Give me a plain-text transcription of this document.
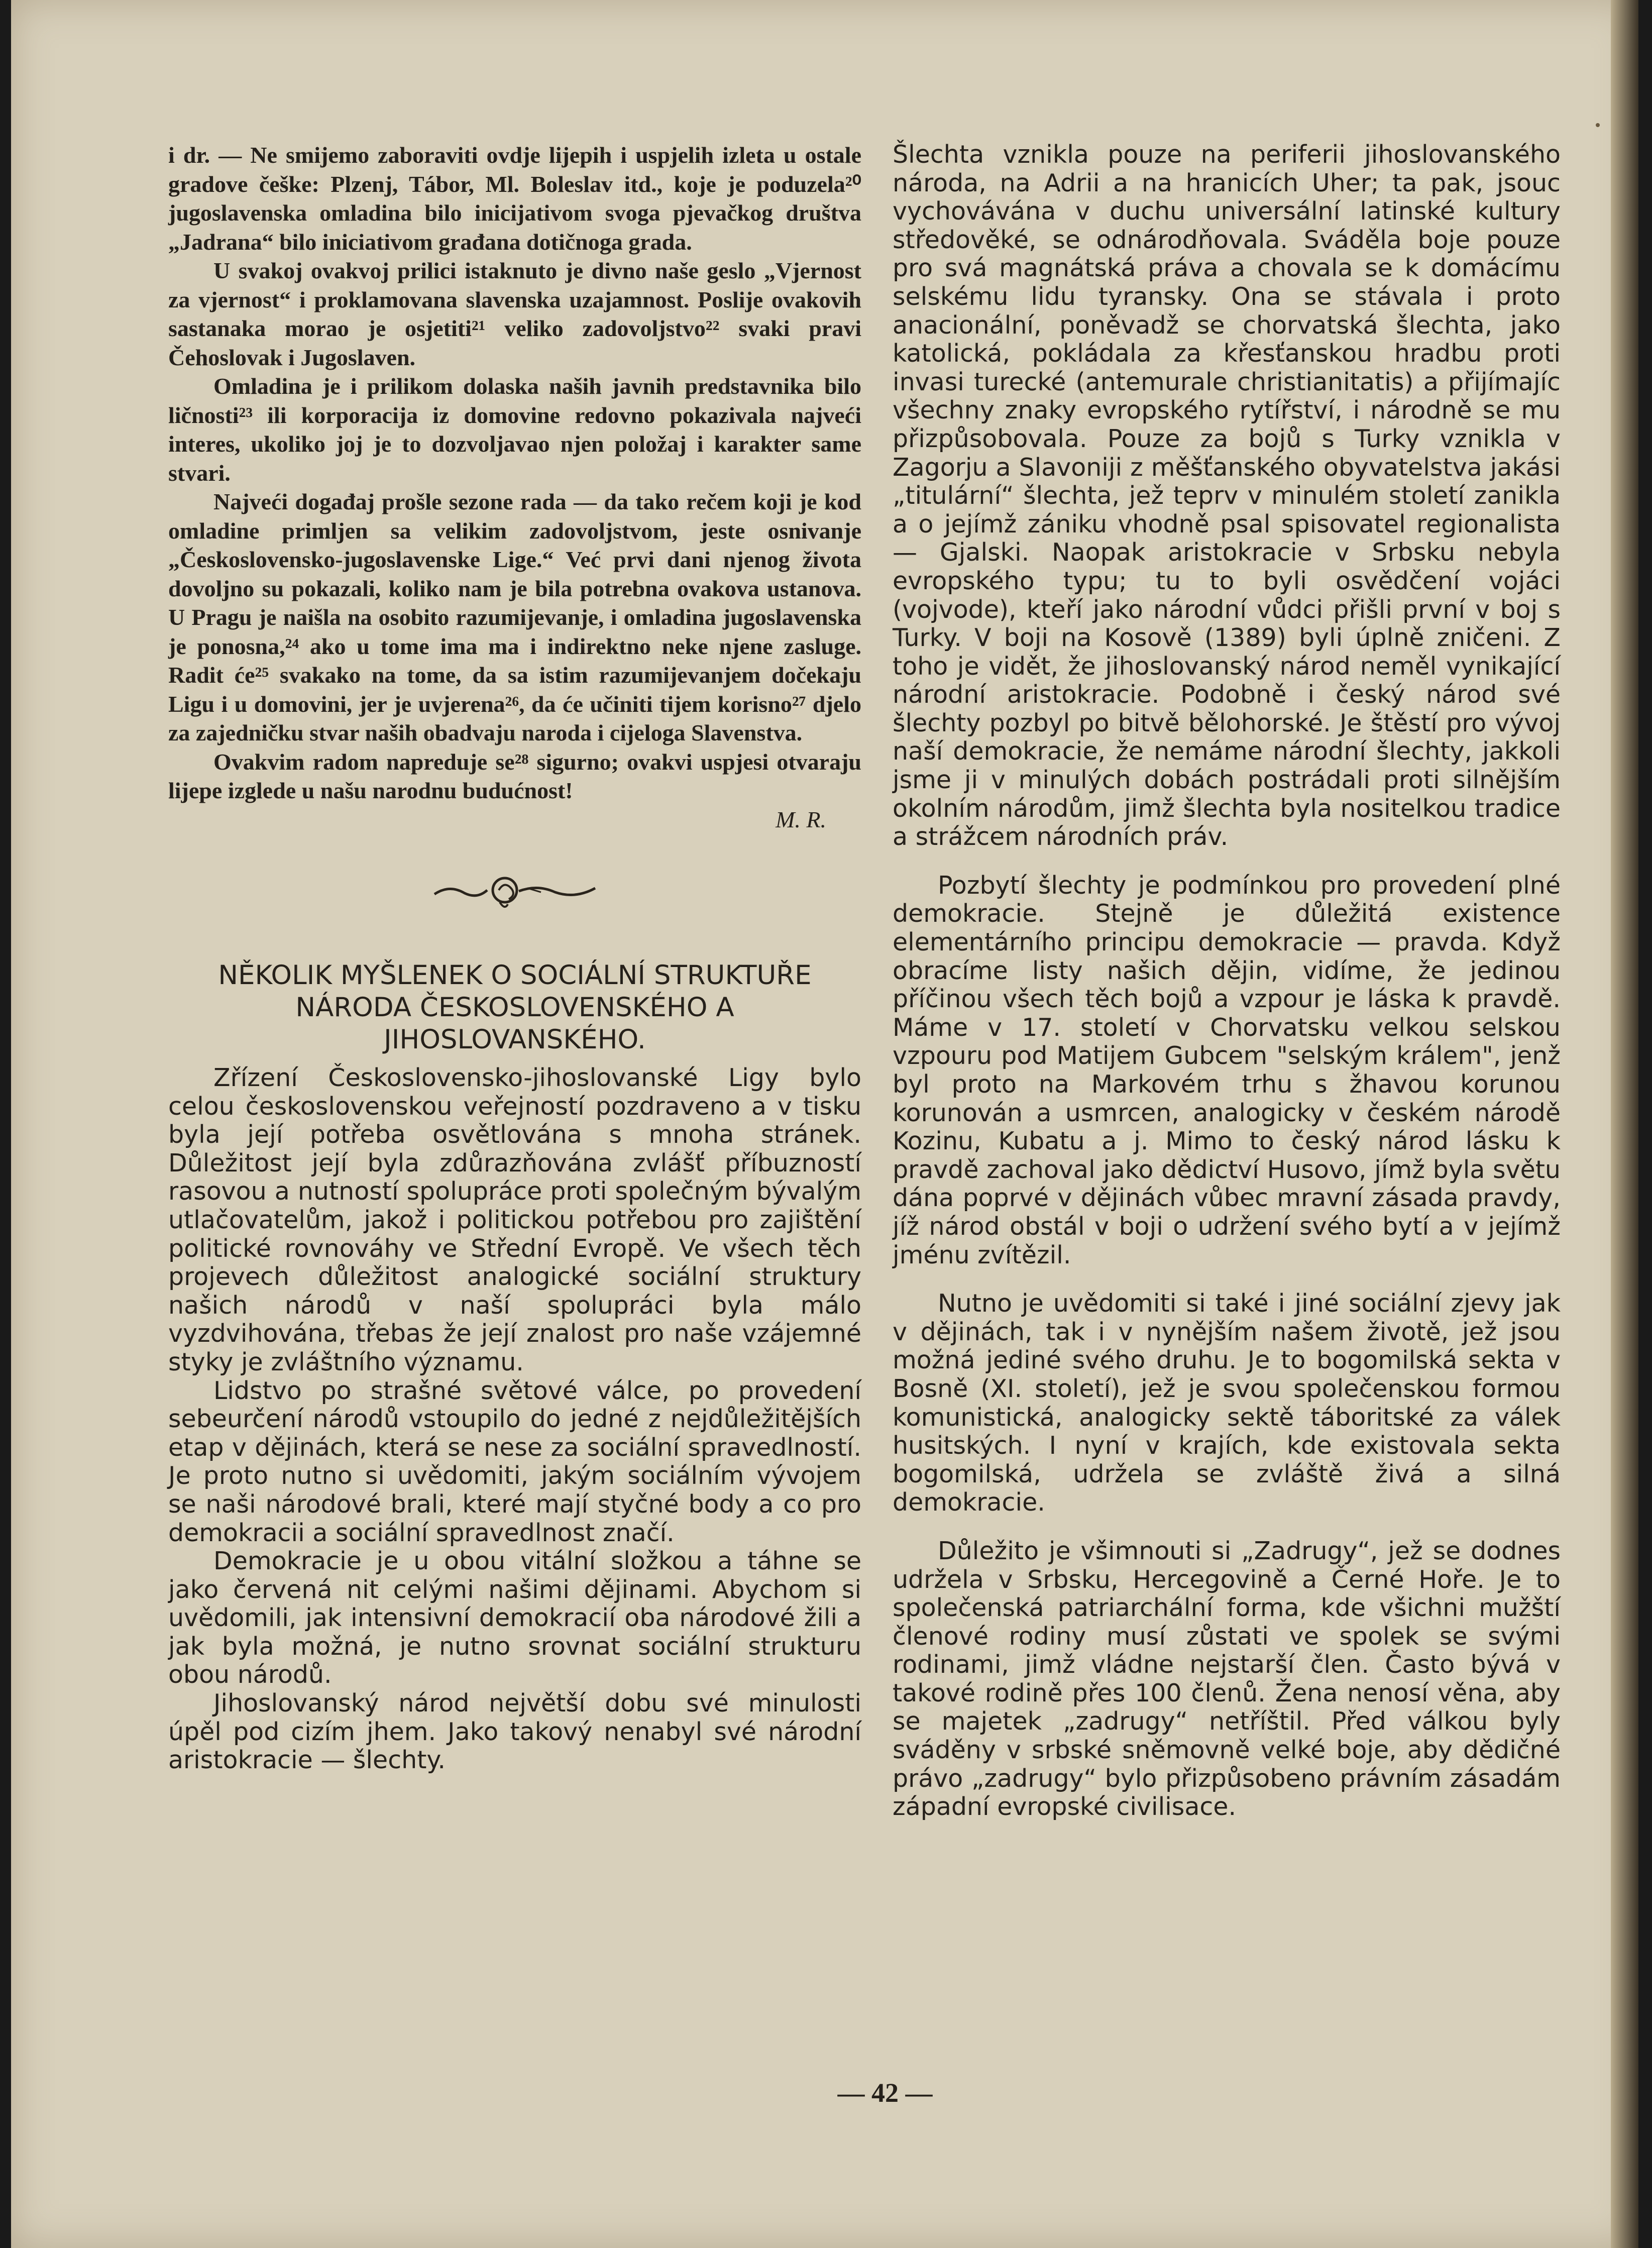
i dr. — Ne smijemo zaboraviti ovdje lijepih i uspjelih izleta u ostale gradove češke: Plzenj, Tábor, Ml. Boleslav itd., koje je poduzela²⁰ jugoslavenska omladina bilo inicijativom svoga pjevačkog društva „Jadrana“ bilo iniciativom građana dotičnoga grada.

U svakoj ovakvoj prilici istaknuto je divno naše geslo „Vjernost za vjernost“ i proklamovana slavenska uzajamnost. Poslije ovakovih sastanaka morao je osjetiti²¹ veliko zadovoljstvo²² svaki pravi Čehoslovak i Jugoslaven.

Omladina je i prilikom dolaska naših javnih predstavnika bilo ličnosti²³ ili korporacija iz domovine redovno pokazivala najveći interes, ukoliko joj je to dozvoljavao njen položaj i karakter same stvari.

Najveći događaj prošle sezone rada — da tako rečem koji je kod omladine primljen sa velikim zadovoljstvom, jeste osnivanje „Československo-jugoslavenske Lige.“ Već prvi dani njenog života dovoljno su pokazali, koliko nam je bila potrebna ovakova ustanova. U Pragu je naišla na osobito razumijevanje, i omladina jugoslavenska je ponosna,²⁴ ako u tome ima ma i indirektno neke njene zasluge. Radit će²⁵ svakako na tome, da sa istim razumijevanjem dočekaju Ligu i u domovini, jer je uvjerena²⁶, da će učiniti tijem korisno²⁷ djelo za zajedničku stvar naših obadvaju naroda i cijeloga Slavenstva.

Ovakvim radom napreduje se²⁸ sigurno; ovakvi uspjesi otvaraju lijepe izglede u našu narodnu budućnost!

M. R.
NĚKOLIK MYŠLENEK O SOCIÁLNÍ STRUKTUŘE NÁRODA ČESKOSLOVENSKÉHO A JIHOSLOVANSKÉHO.

Zřízení Československo-jihoslovanské Ligy bylo celou československou veřejností pozdraveno a v tisku byla její potřeba osvětlována s mnoha stránek. Důležitost její byla zdůrazňována zvlášť příbuzností rasovou a nutností spolupráce proti společným bývalým utlačovatelům, jakož i politickou potřebou pro zajištění politické rovnováhy ve Střední Evropě. Ve všech těch projevech důležitost analogické sociální struktury našich národů v naší spolupráci byla málo vyzdvihována, třebas že její znalost pro naše vzájemné styky je zvláštního významu.

Lidstvo po strašné světové válce, po provedení sebeurčení národů vstoupilo do jedné z nejdůležitějších etap v dějinách, která se nese za sociální spravedlností. Je proto nutno si uvědomiti, jakým sociálním vývojem se naši národové brali, které mají styčné body a co pro demokracii a sociální spravedlnost značí.

Demokracie je u obou vitální složkou a táhne se jako červená nit celými našimi dějinami. Abychom si uvědomili, jak intensivní demokracií oba národové žili a jak byla možná, je nutno srovnat sociální strukturu obou národů.

Jihoslovanský národ největší dobu své minulosti úpěl pod cizím jhem. Jako takový nenabyl své národní aristokracie — šlechty.

Šlechta vznikla pouze na periferii jihoslovanského národa, na Adrii a na hranicích Uher; ta pak, jsouc vychovávána v duchu universální latinské kultury středověké, se odnárodňovala. Sváděla boje pouze pro svá magnátská práva a chovala se k domácímu selskému lidu tyransky. Ona se stávala i proto anacionální, poněvadž se chorvatská šlechta, jako katolická, pokládala za křesťanskou hradbu proti invasi turecké (antemurale christianitatis) a přijímajíc všechny znaky evropského rytířství, i národně se mu přizpůsobovala. Pouze za bojů s Turky vznikla v Zagorju a Slavoniji z měšťanského obyvatelstva jakási „titulární“ šlechta, jež teprv v minulém století zanikla a o jejímž zániku vhodně psal spisovatel regionalista — Gjalski. Naopak aristokracie v Srbsku nebyla evropského typu; tu to byli osvědčení vojáci (vojvode), kteří jako národní vůdci přišli první v boj s Turky. V boji na Kosově (1389) byli úplně zničeni. Z toho je vidět, že jihoslovanský národ neměl vynikající národní aristokracie. Podobně i český národ své šlechty pozbyl po bitvě bělohorské. Je štěstí pro vývoj naší demokracie, že nemáme národní šlechty, jakkoli jsme ji v minulých dobách postrádali proti silnějším okolním národům, jimž šlechta byla nositelkou tradice a strážcem národních práv.

Pozbytí šlechty je podmínkou pro provedení plné demokracie. Stejně je důležitá existence elementárního principu demokracie — pravda. Když obracíme listy našich dějin, vidíme, že jedinou příčinou všech těch bojů a vzpour je láska k pravdě. Máme v 17. století v Chorvatsku velkou selskou vzpouru pod Matijem Gubcem "selským králem", jenž byl proto na Markovém trhu s žhavou korunou korunován a usmrcen, analogicky v českém národě Kozinu, Kubatu a j. Mimo to český národ lásku k pravdě zachoval jako dědictví Husovo, jímž byla světu dána poprvé v dějinách vůbec mravní zásada pravdy, jíž národ obstál v boji o udržení svého bytí a v jejímž jménu zvítězil.

Nutno je uvědomiti si také i jiné sociální zjevy jak v dějinách, tak i v nynějším našem životě, jež jsou možná jediné svého druhu. Je to bogomilská sekta v Bosně (XI. století), jež je svou společenskou formou komunistická, analogicky sektě táboritské za válek husitských. I nyní v krajích, kde existovala sekta bogomilská, udržela se zvláště živá a silná demokracie.

Důležito je všimnouti si „Zadrugy“, jež se dodnes udržela v Srbsku, Hercegovině a Černé Hoře. Je to společenská patriarchální forma, kde všichni mužští členové rodiny musí zůstati ve spolek se svými rodinami, jimž vládne nejstarší člen. Často bývá v takové rodině přes 100 členů. Žena nenosí věna, aby se majetek „zadrugy“ netříštil. Před válkou byly sváděny v srbské sněmovně velké boje, aby dědičné právo „zadrugy“ bylo přizpůsobeno právním zásadám západní evropské civilisace.

— 42 —
